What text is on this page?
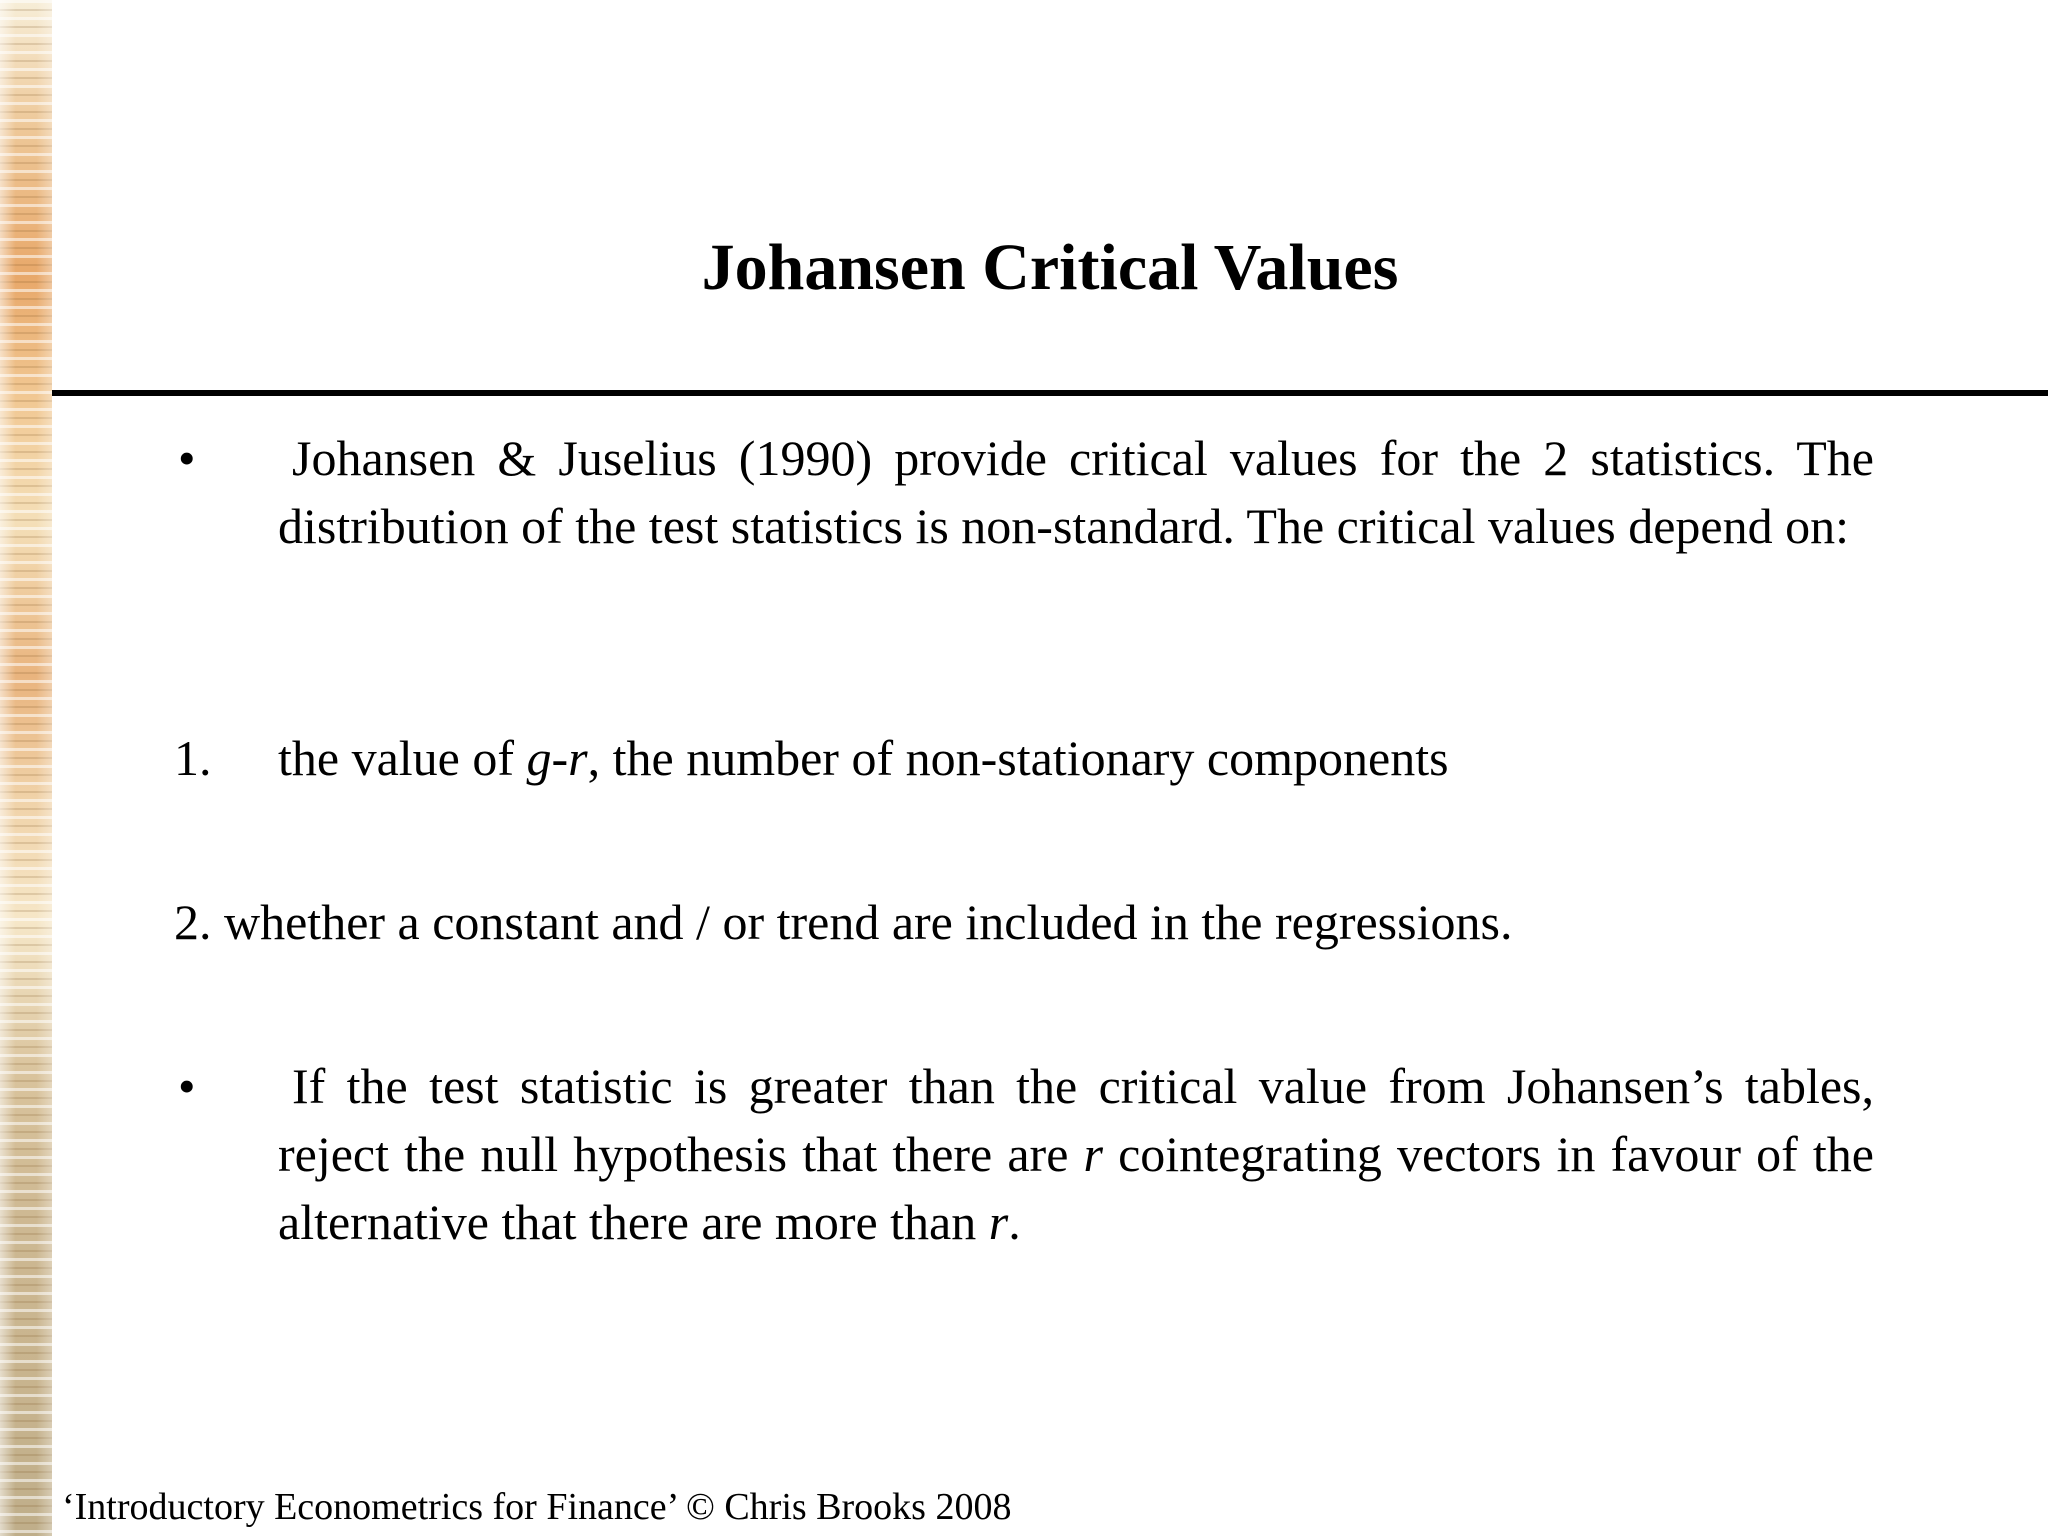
Johansen Critical Values
• Johansen & Juselius (1990) provide critical values for the 2 statistics. The distribution of the test statistics is non-standard. The critical values depend on:
1. the value of g-r, the number of non-stationary components
2. whether a constant and / or trend are included in the regressions.
• If the test statistic is greater than the critical value from Johansen’s tables, reject the null hypothesis that there are r cointegrating vectors in favour of the alternative that there are more than r.
‘Introductory Econometrics for Finance’ © Chris Brooks 2008
